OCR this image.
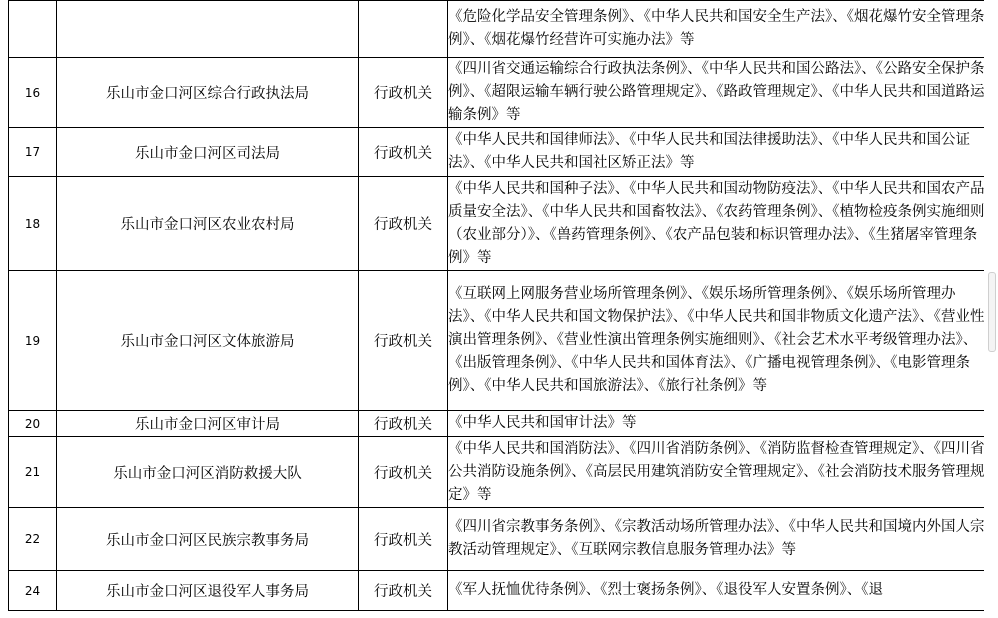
			《危险化学品安全管理条例》、《中华人民共和国安全生产法》、《烟花爆竹安全管理条例》、《烟花爆竹经营许可实施办法》等
16	乐山市金口河区综合行政执法局	行政机关	《四川省交通运输综合行政执法条例》、《中华人民共和国公路法》、《公路安全保护条例》、《超限运输车辆行驶公路管理规定》、《路政管理规定》、《中华人民共和国道路运输条例》等
17	乐山市金口河区司法局	行政机关	《中华人民共和国律师法》、《中华人民共和国法律援助法》、《中华人民共和国公证法》、《中华人民共和国社区矫正法》等
18	乐山市金口河区农业农村局	行政机关	《中华人民共和国种子法》、《中华人民共和国动物防疫法》、《中华人民共和国农产品质量安全法》、《中华人民共和国畜牧法》、《农药管理条例》、《植物检疫条例实施细则（农业部分）》、《兽药管理条例》、《农产品包装和标识管理办法》、《生猪屠宰管理条例》等
19	乐山市金口河区文体旅游局	行政机关	《互联网上网服务营业场所管理条例》、《娱乐场所管理条例》、《娱乐场所管理办法》、《中华人民共和国文物保护法》、《中华人民共和国非物质文化遗产法》、《营业性演出管理条例》、《营业性演出管理条例实施细则》、《社会艺术水平考级管理办法》、《出版管理条例》、《中华人民共和国体育法》、《广播电视管理条例》、《电影管理条例》、《中华人民共和国旅游法》、《旅行社条例》等
20	乐山市金口河区审计局	行政机关	《中华人民共和国审计法》等
21	乐山市金口河区消防救援大队	行政机关	《中华人民共和国消防法》、《四川省消防条例》、《消防监督检查管理规定》、《四川省公共消防设施条例》、《高层民用建筑消防安全管理规定》、《社会消防技术服务管理规定》等
22	乐山市金口河区民族宗教事务局	行政机关	《四川省宗教事务条例》、《宗教活动场所管理办法》、《中华人民共和国境内外国人宗教活动管理规定》、《互联网宗教信息服务管理办法》等
24	乐山市金口河区退役军人事务局	行政机关	《军人抚恤优待条例》、《烈士褒扬条例》、《退役军人安置条例》、《退
